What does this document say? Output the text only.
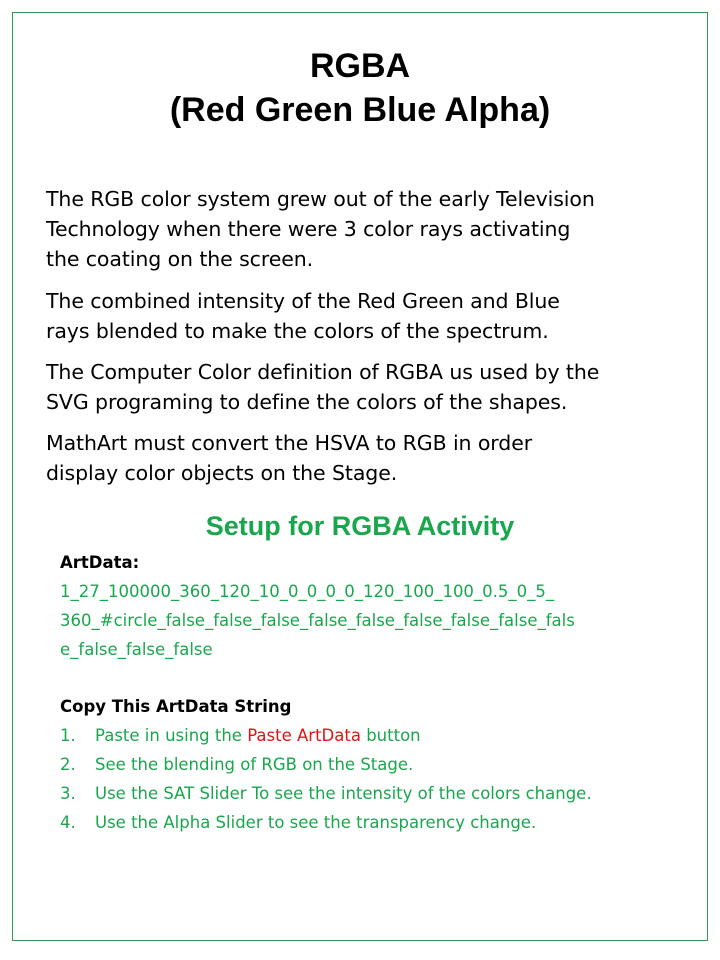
RGBA
(Red Green Blue Alpha)

The RGB color system grew out of the early Television
Technology when there were 3 color rays activating
the coating on the screen.

The combined intensity of the Red Green and Blue
rays blended to make the colors of the spectrum.

The Computer Color definition of RGBA us used by the
SVG programing to define the colors of the shapes.

MathArt must convert the HSVA to RGB in order
display color objects on the Stage.

Setup for RGBA Activity
ArtData:

1_27_100000_360_120_10_0_0_0_0_120_100_100_0.5_0_5_
360_#circle_false_false_false_false_false_false_false_false_fals
e_false_false_false

Copy This ArtData String
1.	Paste in using the Paste ArtData button
2.	See the blending of RGB on the Stage.
3.	Use the SAT Slider To see the intensity of the colors change.
4.	Use the Alpha Slider to see the transparency change.
